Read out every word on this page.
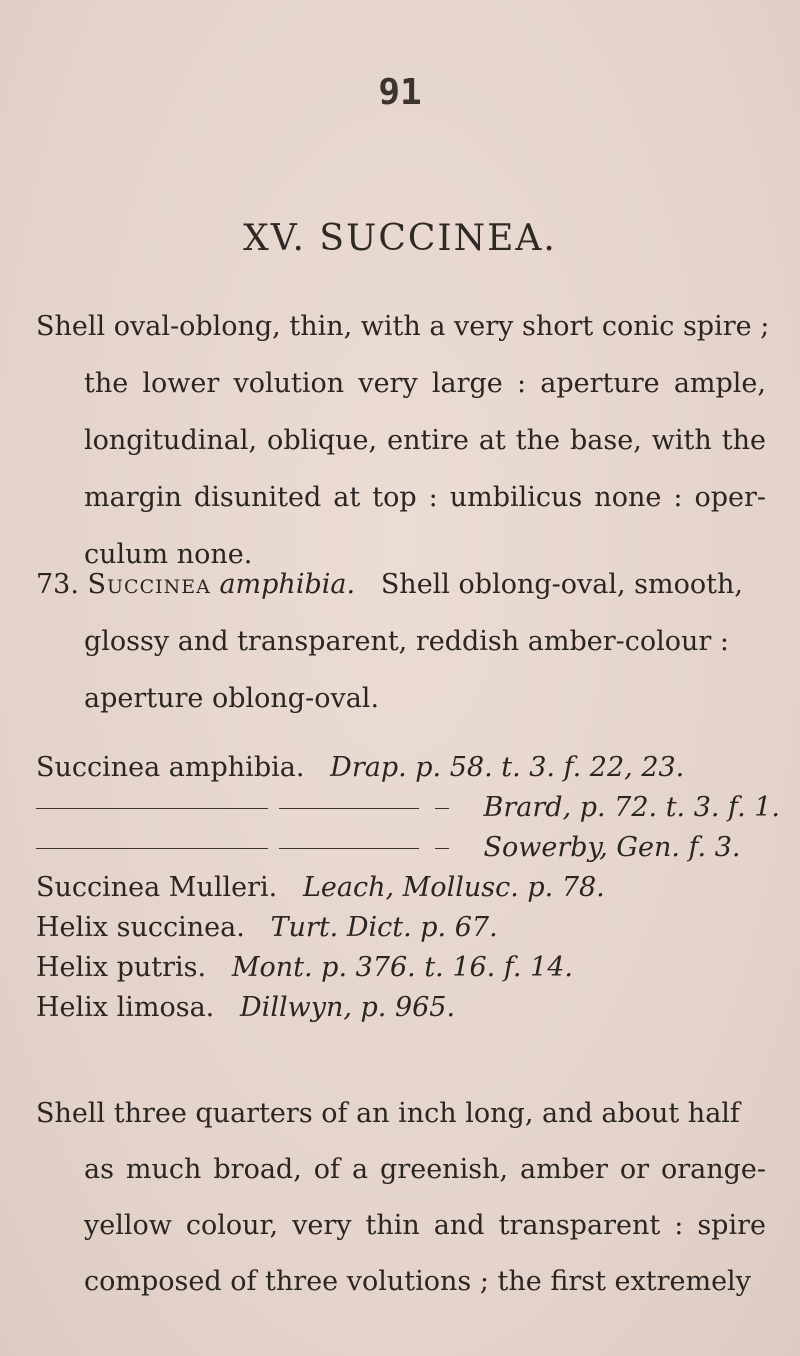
91
XV. SUCCINEA.
Shell oval-oblong, thin, with a very short conic spire ;
the lower volution very large : aperture ample, longitudinal, oblique, entire at the base, with the margin disunited at top : umbilicus none : oper-culum none.
73. Succinea amphibia. Shell oblong-oval, smooth,
glossy and transparent, reddish amber-colour : aperture oblong-oval.
Succinea amphibia. Drap. p. 58. t. 3. f. 22, 23.
Brard, p. 72. t. 3. f. 1.
Sowerby, Gen. f. 3.
Succinea Mulleri. Leach, Mollusc. p. 78.
Helix succinea. Turt. Dict. p. 67.
Helix putris. Mont. p. 376. t. 16. f. 14.
Helix limosa. Dillwyn, p. 965.
Shell three quarters of an inch long, and about half
as much broad, of a greenish, amber or orange-yellow colour, very thin and transparent : spire composed of three volutions ; the first extremely
